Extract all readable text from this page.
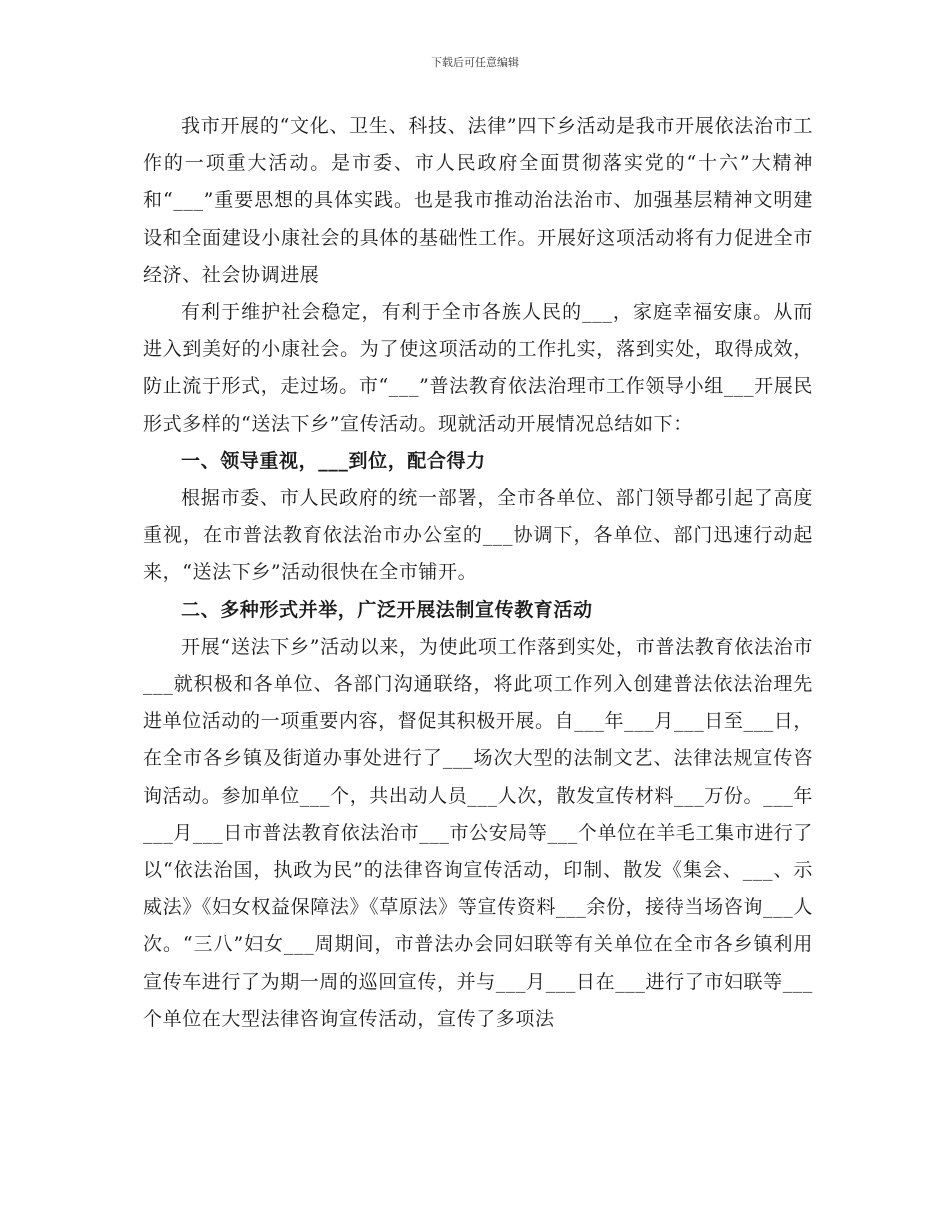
下载后可任意编辑

我市开展的“文化、卫生、科技、法律”四下乡活动是我市开展依法治市工作的一项重大活动。是市委、市人民政府全面贯彻落实党的“十六”大精神和“___”重要思想的具体实践。也是我市推动治法治市、加强基层精神文明建设和全面建设小康社会的具体的基础性工作。开展好这项活动将有力促进全市经济、社会协调进展

有利于维护社会稳定，有利于全市各族人民的___，家庭幸福安康。从而进入到美好的小康社会。为了使这项活动的工作扎实，落到实处，取得成效，防止流于形式，走过场。市“___”普法教育依法治理市工作领导小组___开展民形式多样的“送法下乡”宣传活动。现就活动开展情况总结如下：

一、领导重视，___到位，配合得力

根据市委、市人民政府的统一部署，全市各单位、部门领导都引起了高度重视，在市普法教育依法治市办公室的___协调下，各单位、部门迅速行动起来，“送法下乡”活动很快在全市铺开。

二、多种形式并举，广泛开展法制宣传教育活动

开展“送法下乡”活动以来，为使此项工作落到实处，市普法教育依法治市___就积极和各单位、各部门沟通联络，将此项工作列入创建普法依法治理先进单位活动的一项重要内容，督促其积极开展。自___年___月___日至___日，在全市各乡镇及街道办事处进行了___场次大型的法制文艺、法律法规宣传咨询活动。参加单位___个，共出动人员___人次，散发宣传材料___万份。___年___月___日市普法教育依法治市___市公安局等___个单位在羊毛工集市进行了以“依法治国，执政为民”的法律咨询宣传活动，印制、散发《集会、___、示威法》《妇女权益保障法》《草原法》等宣传资料___余份，接待当场咨询___人次。“三八”妇女___周期间，市普法办会同妇联等有关单位在全市各乡镇利用宣传车进行了为期一周的巡回宣传，并与___月___日在___进行了市妇联等___个单位在大型法律咨询宣传活动，宣传了多项法
